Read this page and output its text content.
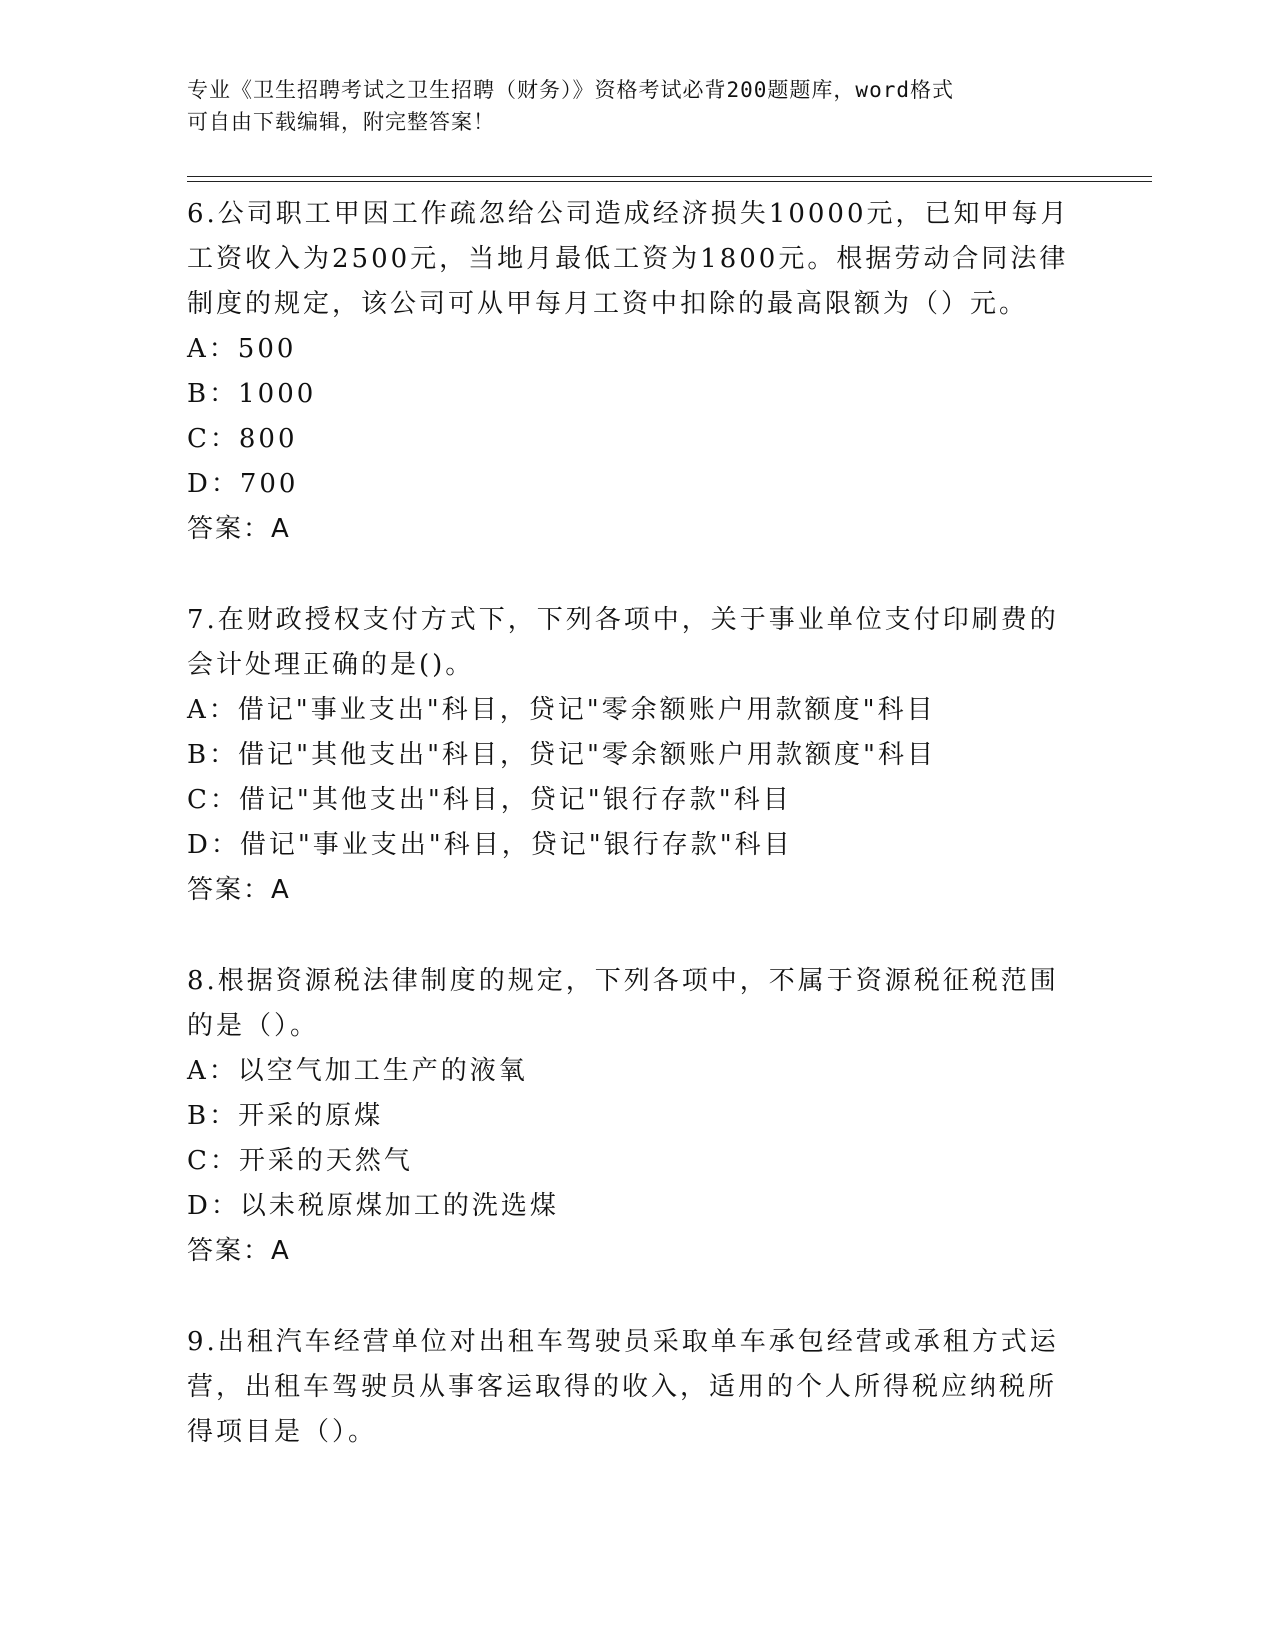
专业《卫生招聘考试之卫生招聘（财务）》资格考试必背200题题库，word格式
可自由下载编辑，附完整答案！

6.公司职工甲因工作疏忽给公司造成经济损失10000元，已知甲每月
工资收入为2500元，当地月最低工资为1800元。根据劳动合同法律
制度的规定，该公司可从甲每月工资中扣除的最高限额为（）元。

A：500
B：1000
C：800
D：700
答案：A

7.在财政授权支付方式下，下列各项中，关于事业单位支付印刷费的
会计处理正确的是()。

A：借记"事业支出"科目，贷记"零余额账户用款额度"科目
B：借记"其他支出"科目，贷记"零余额账户用款额度"科目
C：借记"其他支出"科目，贷记"银行存款"科目
D：借记"事业支出"科目，贷记"银行存款"科目
答案：A

8.根据资源税法律制度的规定，下列各项中，不属于资源税征税范围
的是（）。

A：以空气加工生产的液氧
B：开采的原煤
C：开采的天然气
D：以未税原煤加工的洗选煤
答案：A

9.出租汽车经营单位对出租车驾驶员采取单车承包经营或承租方式运
营，出租车驾驶员从事客运取得的收入，适用的个人所得税应纳税所
得项目是（）。
